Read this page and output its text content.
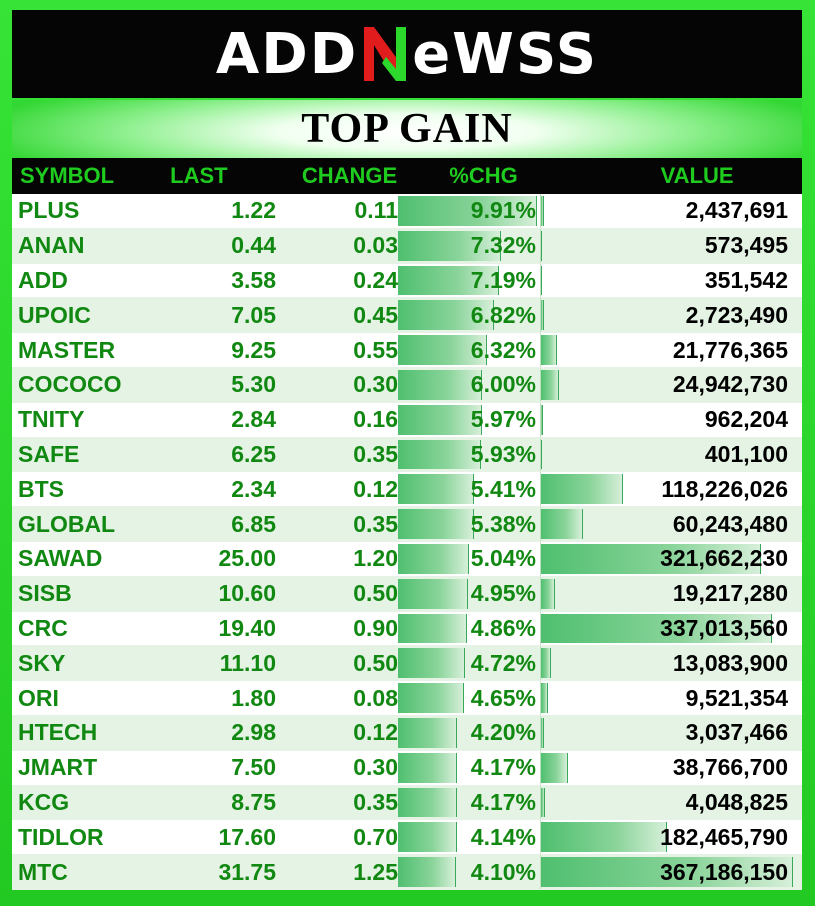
ADD eWSS
TOP GAIN
SYMBOL	LAST	CHANGE	%CHG	VALUE
PLUS	1.22	0.11	9.91%	2,437,691
ANAN	0.44	0.03	7.32%	573,495
ADD	3.58	0.24	7.19%	351,542
UPOIC	7.05	0.45	6.82%	2,723,490
MASTER	9.25	0.55	6.32%	21,776,365
COCOCO	5.30	0.30	6.00%	24,942,730
TNITY	2.84	0.16	5.97%	962,204
SAFE	6.25	0.35	5.93%	401,100
BTS	2.34	0.12	5.41%	118,226,026
GLOBAL	6.85	0.35	5.38%	60,243,480
SAWAD	25.00	1.20	5.04%	321,662,230
SISB	10.60	0.50	4.95%	19,217,280
CRC	19.40	0.90	4.86%	337,013,560
SKY	11.10	0.50	4.72%	13,083,900
ORI	1.80	0.08	4.65%	9,521,354
HTECH	2.98	0.12	4.20%	3,037,466
JMART	7.50	0.30	4.17%	38,766,700
KCG	8.75	0.35	4.17%	4,048,825
TIDLOR	17.60	0.70	4.14%	182,465,790
MTC	31.75	1.25	4.10%	367,186,150
